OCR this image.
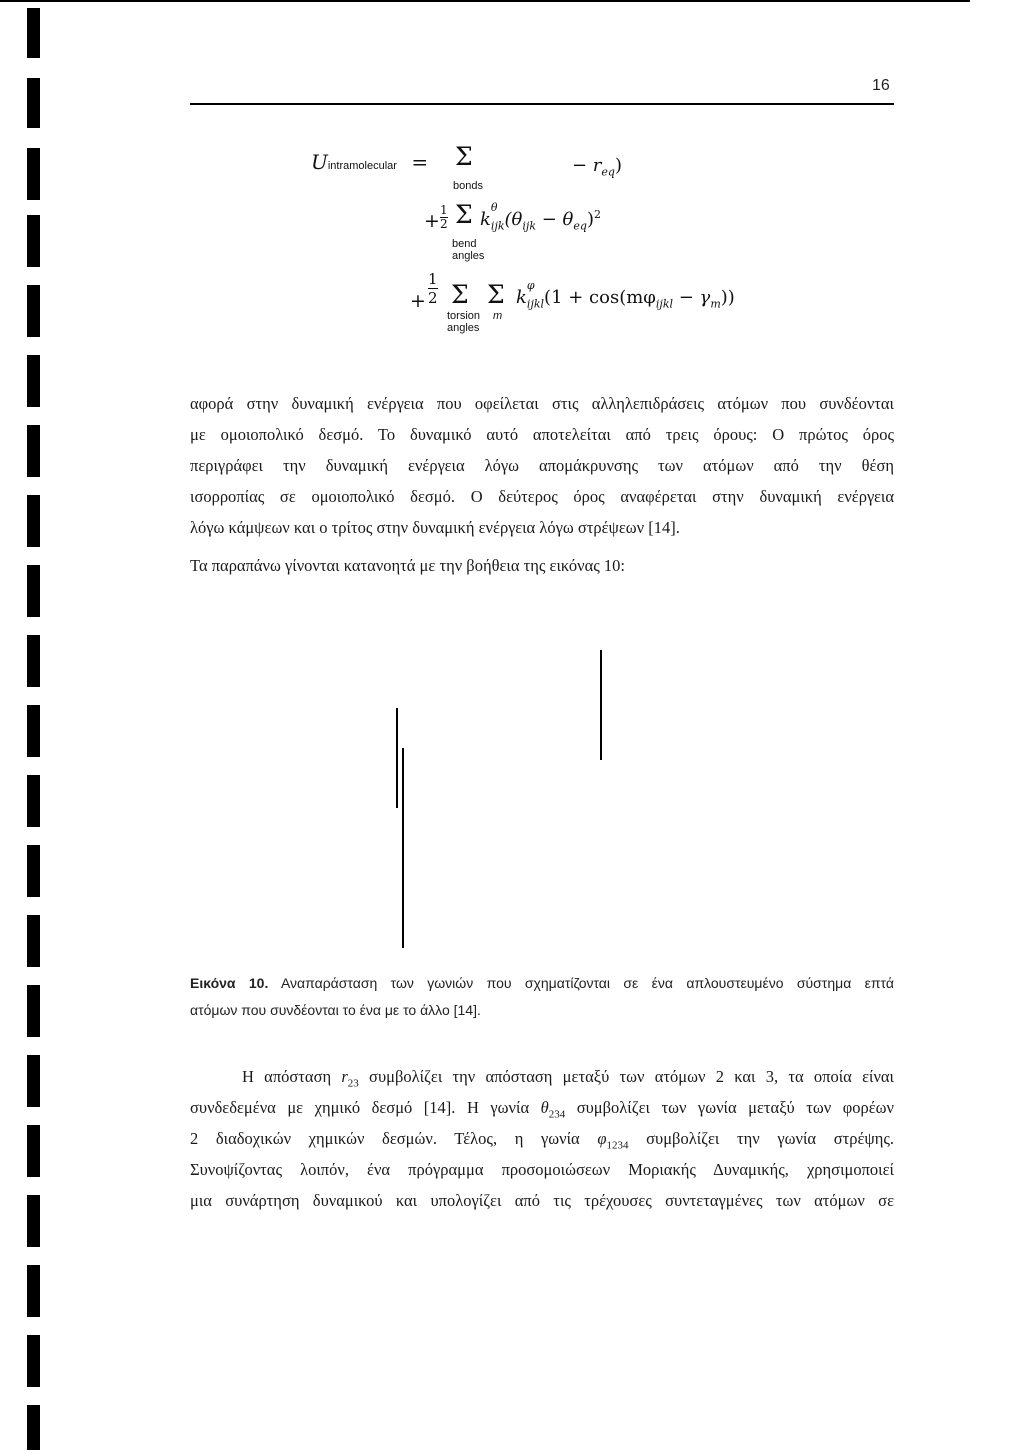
16
Uintramolecular = Σ
bonds
− $r_{eq}$)
+ $\frac{1}{2}$ Σ
bend
angles
k
θ
$_{ijk}(\theta_{ijk} - \theta_{eq})^2$
+ $\frac{1}{2}$ Σ Σ
torsion
angles
m
k
φ
$_{ijkl}(1 + \cos(m\varphi_{ijkl} - \gamma_m))$
αφορά στην δυναμική ενέργεια που οφείλεται στις αλληλεπιδράσεις ατόμων που συνδέονται
με ομοιοπολικό δεσμό. Το δυναμικό αυτό αποτελείται από τρεις όρους: Ο πρώτος όρος
περιγράφει την δυναμική ενέργεια λόγω απομάκρυνσης των ατόμων από την θέση
ισορροπίας σε ομοιοπολικό δεσμό. Ο δεύτερος όρος αναφέρεται στην δυναμική ενέργεια
λόγω κάμψεων και ο τρίτος στην δυναμική ενέργεια λόγω στρέψεων [14].
Τα παραπάνω γίνονται κατανοητά με την βοήθεια της εικόνας 10:
Εικόνα 10. Αναπαράσταση των γωνιών που σχηματίζονται σε ένα απλουστευμένο σύστημα επτά
ατόμων που συνδέονται το ένα με το άλλο [14].
Η απόσταση $r_{23}$ συμβολίζει την απόσταση μεταξύ των ατόμων 2 και 3, τα οποία είναι
συνδεδεμένα με χημικό δεσμό [14]. Η γωνία $\theta_{234}$ συμβολίζει των γωνία μεταξύ των φορέων
2 διαδοχικών χημικών δεσμών. Τέλος, η γωνία $\varphi_{1234}$ συμβολίζει την γωνία στρέψης.
Συνοψίζοντας λοιπόν, ένα πρόγραμμα προσομοιώσεων Μοριακής Δυναμικής, χρησιμοποιεί
μια συνάρτηση δυναμικού και υπολογίζει από τις τρέχουσες συντεταγμένες των ατόμων σε
